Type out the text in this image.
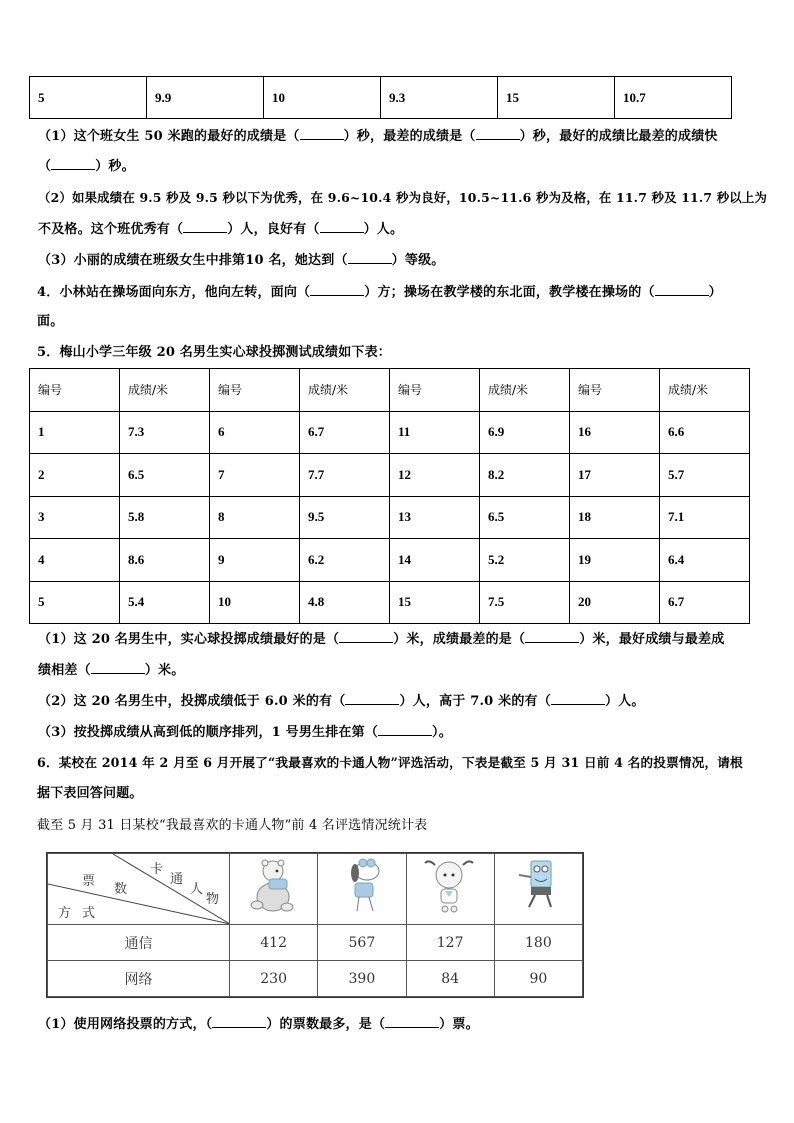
5	9.9	10	9.3	15	10.7
（1）这个班女生 50 米跑的最好的成绩是（	）秒，最差的成绩是（	）秒，最好的成绩比最差的成绩快
（	）秒。
（2）如果成绩在 9.5 秒及 9.5 秒以下为优秀，在 9.6~10.4 秒为良好，10.5~11.6 秒为及格，在 11.7 秒及 11.7 秒以上为
不及格。这个班优秀有（	）人，良好有（	）人。
（3）小丽的成绩在班级女生中排第10 名，她达到（	）等级。
4．小林站在操场面向东方，他向左转，面向（	）方；操场在教学楼的东北面，教学楼在操场的（	）
面。
5．梅山小学三年级 20 名男生实心球投掷测试成绩如下表：
编号	成绩/米	编号	成绩/米	编号	成绩/米	编号	成绩/米
1	7.3	6	6.7	11	6.9	16	6.6
2	6.5	7	7.7	12	8.2	17	5.7
3	5.8	8	9.5	13	6.5	18	7.1
4	8.6	9	6.2	14	5.2	19	6.4
5	5.4	10	4.8	15	7.5	20	6.7
（1）这 20 名男生中，实心球投掷成绩最好的是（	）米，成绩最差的是（	）米，最好成绩与最差成
绩相差（	）米。
（2）这 20 名男生中，投掷成绩低于 6.0 米的有（	）人，高于 7.0 米的有（	）人。
（3）按投掷成绩从高到低的顺序排列，1 号男生排在第（	）。
6．某校在 2014 年 2 月至 6 月开展了“我最喜欢的卡通人物”评选活动，下表是截至 5 月 31 日前 4 名的投票情况，请根
据下表回答问题。
截至 5 月 31 日某校“我最喜欢的卡通人物”前 4 名评选情况统计表
卡
通
人
物
票
数
方 式

通信	412	567	127	180
网络	230	390	84	90
（1）使用网络投票的方式，（	）的票数最多，是（	）票。
